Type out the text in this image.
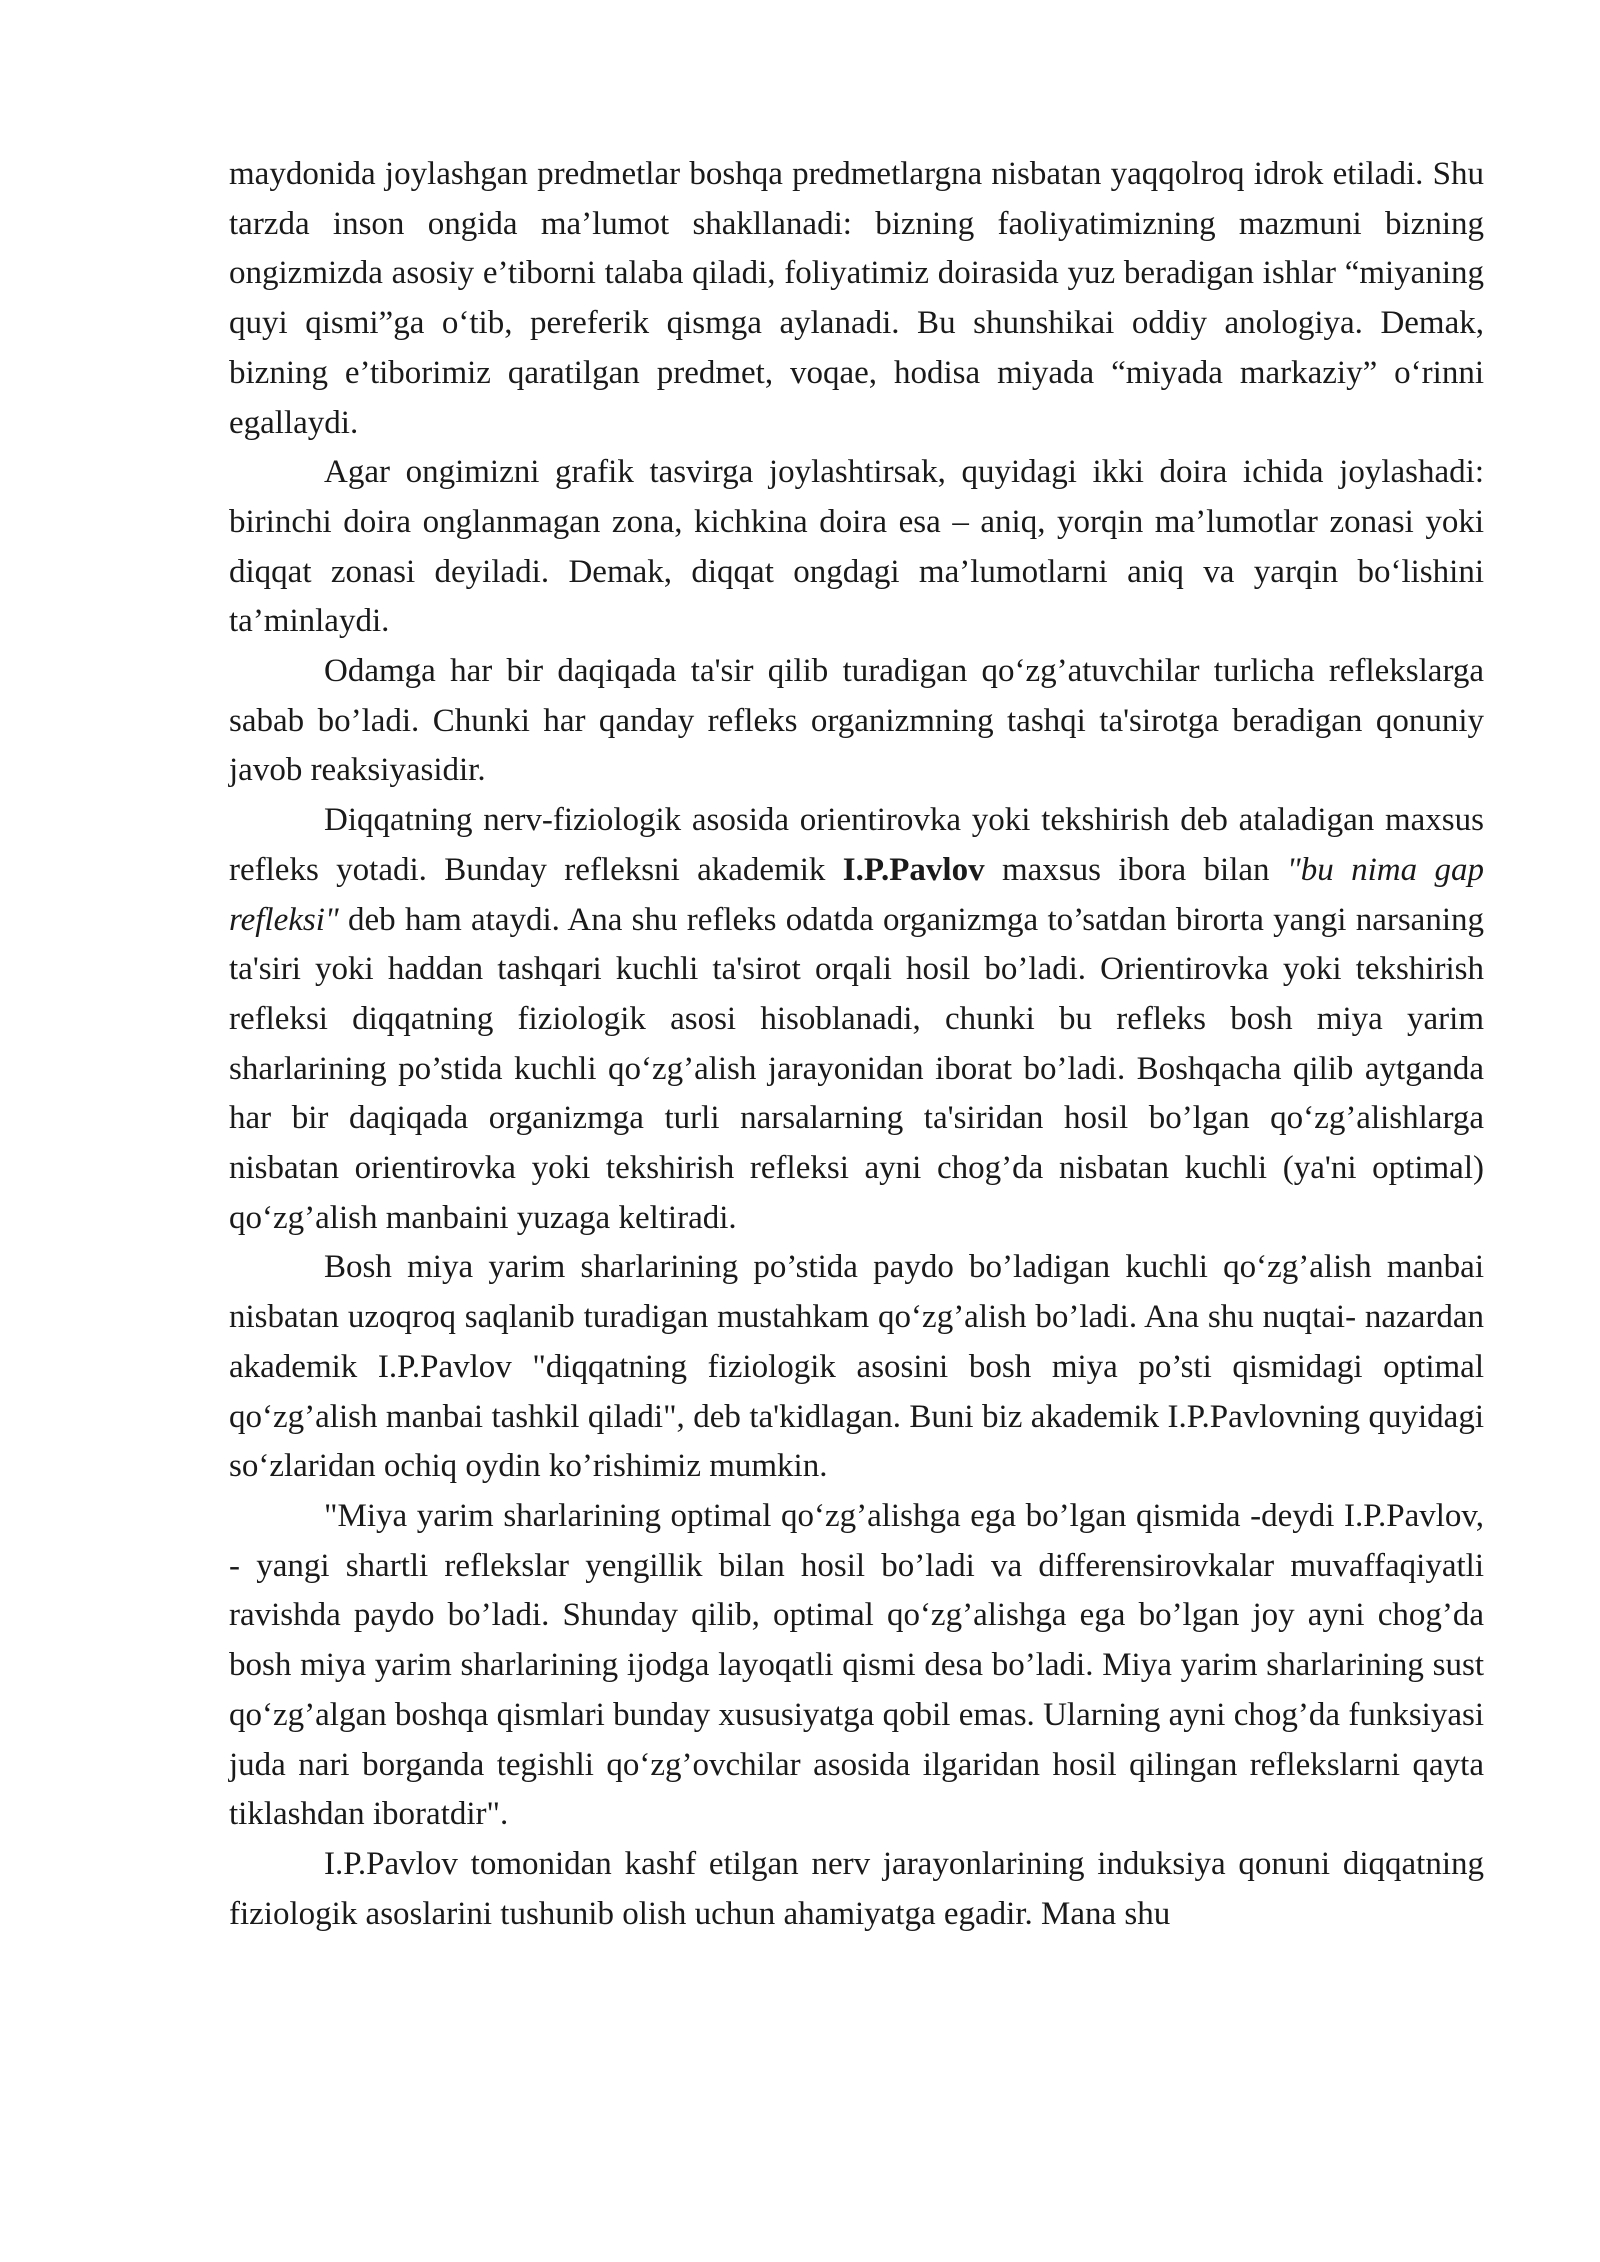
maydonida joylashgan predmetlar boshqa predmetlargna nisbatan yaqqolroq idrok etiladi. Shu tarzda inson ongida ma’lumot shakllanadi: bizning faoliyatimizning mazmuni bizning ongizmizda asosiy e’tiborni talaba qiladi, foliyatimiz doirasida yuz beradigan ishlar “miyaning quyi qismi”ga o‘tib, pereferik qismga aylanadi. Bu shunshikai oddiy anologiya. Demak, bizning e’tiborimiz qaratilgan predmet, voqae, hodisa miyada “miyada markaziy” o‘rinni egallaydi.

Agar ongimizni grafik tasvirga joylashtirsak, quyidagi ikki doira ichida joylashadi: birinchi doira onglanmagan zona, kichkina doira esa – aniq, yorqin ma’lumotlar zonasi yoki diqqat zonasi deyiladi. Demak, diqqat ongdagi ma’lumotlarni aniq va yarqin bo‘lishini ta’minlaydi.

Odamga har bir daqiqada ta'sir qilib turadigan qo‘zg’atuvchilar turlicha reflekslarga sabab bo’ladi. Chunki har qanday refleks organizmning tashqi ta'sirotga beradigan qonuniy javob reaksiyasidir.

Diqqatning nerv-fiziologik asosida orientirovka yoki tekshirish deb ataladigan maxsus refleks yotadi. Bunday refleksni akademik I.P.Pavlov maxsus ibora bilan "bu nima gap refleksi" deb ham ataydi. Ana shu refleks odatda organizmga to’satdan birorta yangi narsaning ta'siri yoki haddan tashqari kuchli ta'sirot orqali hosil bo’ladi. Orientirovka yoki tekshirish refleksi diqqatning fiziologik asosi hisoblanadi, chunki bu refleks bosh miya yarim sharlarining po’stida kuchli qo‘zg’alish jarayonidan iborat bo’ladi. Boshqacha qilib aytganda har bir daqiqada organizmga turli narsalarning ta'siridan hosil bo’lgan qo‘zg’alishlarga nisbatan orientirovka yoki tekshirish refleksi ayni chog’da nisbatan kuchli (ya'ni optimal) qo‘zg’alish manbaini yuzaga keltiradi.

Bosh miya yarim sharlarining po’stida paydo bo’ladigan kuchli qo‘zg’alish manbai nisbatan uzoqroq saqlanib turadigan mustahkam qo‘zg’alish bo’ladi. Ana shu nuqtai- nazardan akademik I.P.Pavlov "diqqatning fiziologik asosini bosh miya po’sti qismidagi optimal qo‘zg’alish manbai tashkil qiladi", deb ta'kidlagan. Buni biz akademik I.P.Pavlovning quyidagi so‘zlaridan ochiq oydin ko’rishimiz mumkin.

"Miya yarim sharlarining optimal qo‘zg’alishga ega bo’lgan qismida -deydi I.P.Pavlov, - yangi shartli reflekslar yengillik bilan hosil bo’ladi va differensirovkalar muvaffaqiyatli ravishda paydo bo’ladi. Shunday qilib, optimal qo‘zg’alishga ega bo’lgan joy ayni chog’da bosh miya yarim sharlarining ijodga layoqatli qismi desa bo’ladi. Miya yarim sharlarining sust qo‘zg’algan boshqa qismlari bunday xususiyatga qobil emas. Ularning ayni chog’da funksiyasi juda nari borganda tegishli qo‘zg’ovchilar asosida ilgaridan hosil qilingan reflekslarni qayta tiklashdan iboratdir".

I.P.Pavlov tomonidan kashf etilgan nerv jarayonlarining induksiya qonuni diqqatning fiziologik asoslarini tushunib olish uchun ahamiyatga egadir. Mana shu
